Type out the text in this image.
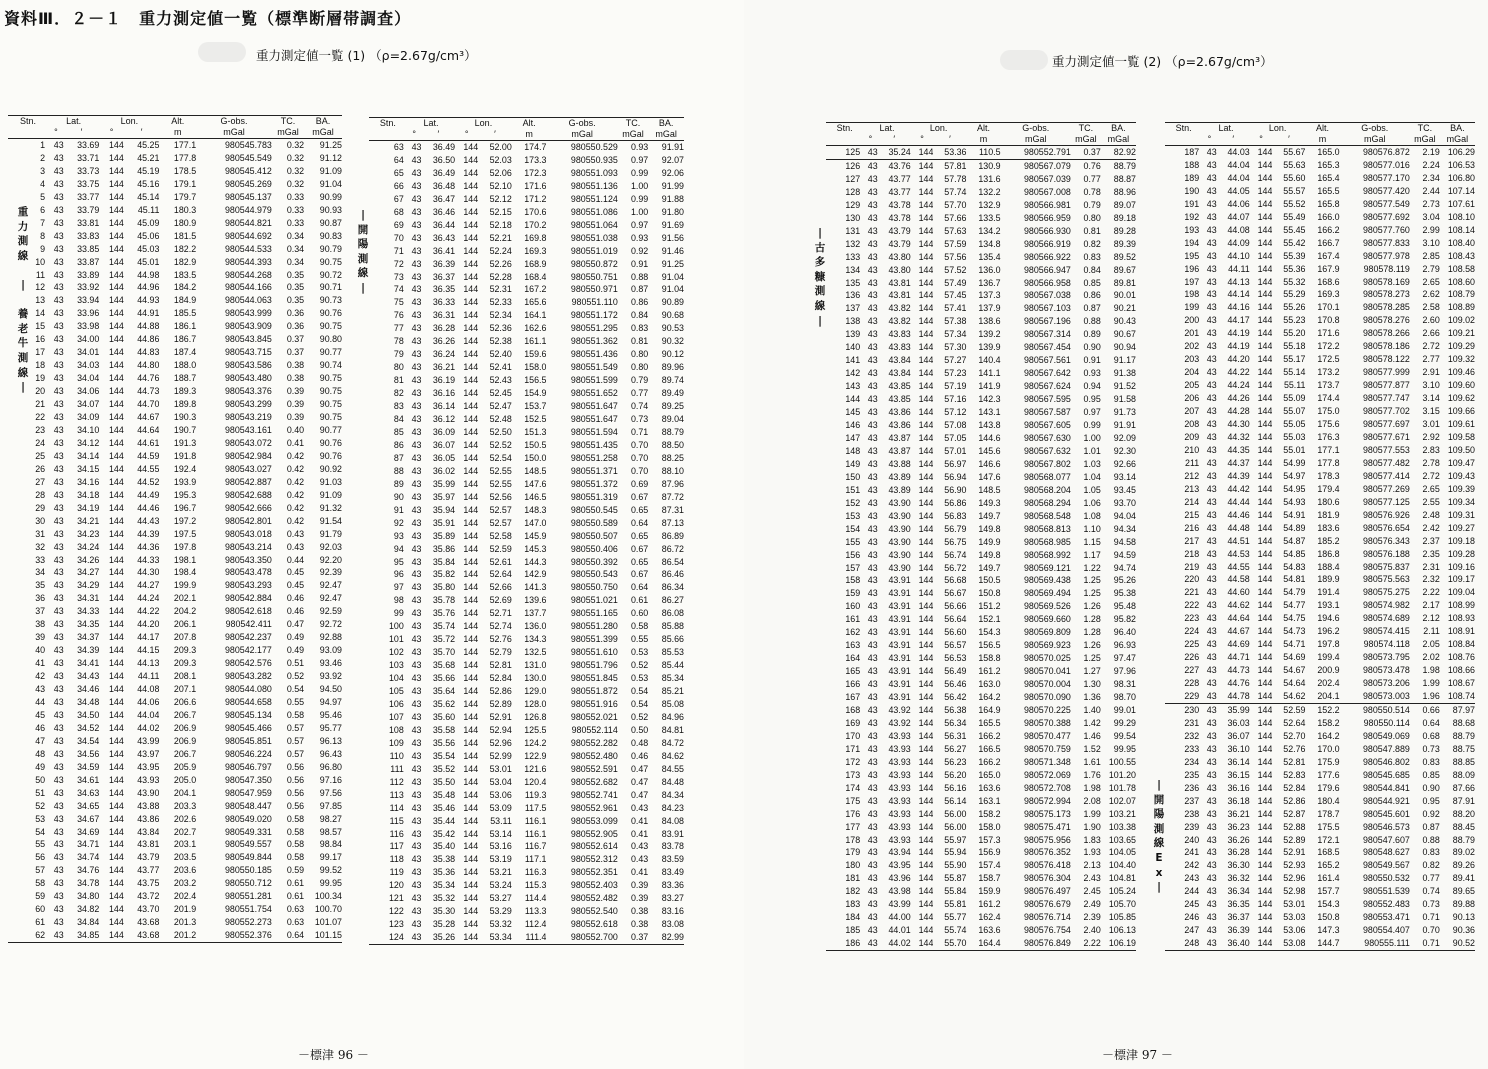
資料Ⅲ．２－１　重力測定値一覧（標準断層帯調査）
重力測定値一覧 (1) （ρ=2.67g/cm³）
重
力
測
線

|

養
老
牛
測
線
|
|
開
陽
測
線
|
Stn.	Lat.		Lon.		Alt.	G-obs.	TC.	BA.
	°	′	°	′	m	mGal	mGal	mGal
1	43	33.69	144	45.25	177.1	980545.783	0.32	91.25
2	43	33.71	144	45.21	177.8	980545.549	0.32	91.12
3	43	33.73	144	45.19	178.5	980545.412	0.32	91.09
4	43	33.75	144	45.16	179.1	980545.269	0.32	91.04
5	43	33.77	144	45.14	179.7	980545.137	0.33	90.99
6	43	33.79	144	45.11	180.3	980544.979	0.33	90.93
7	43	33.81	144	45.09	180.9	980544.821	0.33	90.87
8	43	33.83	144	45.06	181.5	980544.692	0.34	90.83
9	43	33.85	144	45.03	182.2	980544.533	0.34	90.79
10	43	33.87	144	45.01	182.9	980544.393	0.34	90.75
11	43	33.89	144	44.98	183.5	980544.268	0.35	90.72
12	43	33.92	144	44.96	184.2	980544.166	0.35	90.71
13	43	33.94	144	44.93	184.9	980544.063	0.35	90.73
14	43	33.96	144	44.91	185.5	980543.999	0.36	90.76
15	43	33.98	144	44.88	186.1	980543.909	0.36	90.75
16	43	34.00	144	44.86	186.7	980543.845	0.37	90.80
17	43	34.01	144	44.83	187.4	980543.715	0.37	90.77
18	43	34.03	144	44.80	188.0	980543.586	0.38	90.74
19	43	34.04	144	44.76	188.7	980543.480	0.38	90.75
20	43	34.06	144	44.73	189.3	980543.376	0.39	90.75
21	43	34.07	144	44.70	189.8	980543.299	0.39	90.75
22	43	34.09	144	44.67	190.3	980543.219	0.39	90.75
23	43	34.10	144	44.64	190.7	980543.161	0.40	90.77
24	43	34.12	144	44.61	191.3	980543.072	0.41	90.76
25	43	34.14	144	44.59	191.8	980542.984	0.42	90.76
26	43	34.15	144	44.55	192.4	980543.027	0.42	90.92
27	43	34.16	144	44.52	193.9	980542.887	0.42	91.03
28	43	34.18	144	44.49	195.3	980542.688	0.42	91.09
29	43	34.19	144	44.46	196.7	980542.666	0.42	91.32
30	43	34.21	144	44.43	197.2	980542.801	0.42	91.54
31	43	34.23	144	44.39	197.5	980543.018	0.43	91.79
32	43	34.24	144	44.36	197.8	980543.214	0.43	92.03
33	43	34.26	144	44.33	198.1	980543.350	0.44	92.20
34	43	34.27	144	44.30	198.4	980543.478	0.45	92.39
35	43	34.29	144	44.27	199.9	980543.293	0.45	92.47
36	43	34.31	144	44.24	202.1	980542.884	0.46	92.47
37	43	34.33	144	44.22	204.2	980542.618	0.46	92.59
38	43	34.35	144	44.20	206.1	980542.411	0.47	92.72
39	43	34.37	144	44.17	207.8	980542.237	0.49	92.88
40	43	34.39	144	44.15	209.3	980542.177	0.49	93.09
41	43	34.41	144	44.13	209.3	980542.576	0.51	93.46
42	43	34.43	144	44.11	208.1	980543.282	0.52	93.92
43	43	34.46	144	44.08	207.1	980544.080	0.54	94.50
44	43	34.48	144	44.06	206.6	980544.658	0.55	94.97
45	43	34.50	144	44.04	206.7	980545.134	0.58	95.46
46	43	34.52	144	44.02	206.9	980545.466	0.57	95.77
47	43	34.54	144	43.99	206.9	980545.851	0.57	96.13
48	43	34.56	144	43.97	206.7	980546.224	0.57	96.43
49	43	34.59	144	43.95	205.9	980546.797	0.56	96.80
50	43	34.61	144	43.93	205.0	980547.350	0.56	97.16
51	43	34.63	144	43.90	204.1	980547.959	0.56	97.56
52	43	34.65	144	43.88	203.3	980548.447	0.56	97.85
53	43	34.67	144	43.86	202.6	980549.020	0.58	98.27
54	43	34.69	144	43.84	202.7	980549.331	0.58	98.57
55	43	34.71	144	43.81	203.1	980549.557	0.58	98.84
56	43	34.74	144	43.79	203.5	980549.844	0.58	99.17
57	43	34.76	144	43.77	203.6	980550.185	0.59	99.52
58	43	34.78	144	43.75	203.2	980550.712	0.61	99.95
59	43	34.80	144	43.72	202.4	980551.281	0.61	100.34
60	43	34.82	144	43.70	201.9	980551.754	0.63	100.70
61	43	34.84	144	43.68	201.3	980552.273	0.63	101.07
62	43	34.85	144	43.68	201.2	980552.376	0.64	101.15
Stn.	Lat.		Lon.		Alt.	G-obs.	TC.	BA.
	°	′	°	′	m	mGal	mGal	mGal
63	43	36.49	144	52.00	174.7	980550.529	0.93	91.91
64	43	36.50	144	52.03	173.3	980550.935	0.97	92.07
65	43	36.49	144	52.06	172.3	980551.093	0.99	92.06
66	43	36.48	144	52.10	171.6	980551.136	1.00	91.99
67	43	36.47	144	52.12	171.2	980551.124	0.99	91.88
68	43	36.46	144	52.15	170.6	980551.086	1.00	91.80
69	43	36.44	144	52.18	170.2	980551.064	0.97	91.69
70	43	36.43	144	52.21	169.8	980551.038	0.93	91.56
71	43	36.41	144	52.24	169.3	980551.019	0.92	91.46
72	43	36.39	144	52.26	168.9	980550.872	0.91	91.25
73	43	36.37	144	52.28	168.4	980550.751	0.88	91.04
74	43	36.35	144	52.31	167.2	980550.971	0.87	91.04
75	43	36.33	144	52.33	165.6	980551.110	0.86	90.89
76	43	36.31	144	52.34	164.1	980551.172	0.84	90.68
77	43	36.28	144	52.36	162.6	980551.295	0.83	90.53
78	43	36.26	144	52.38	161.1	980551.362	0.81	90.32
79	43	36.24	144	52.40	159.6	980551.436	0.80	90.12
80	43	36.21	144	52.41	158.0	980551.549	0.80	89.96
81	43	36.19	144	52.43	156.5	980551.599	0.79	89.74
82	43	36.16	144	52.45	154.9	980551.652	0.77	89.49
83	43	36.14	144	52.47	153.7	980551.647	0.74	89.25
84	43	36.12	144	52.48	152.5	980551.647	0.73	89.04
85	43	36.09	144	52.50	151.3	980551.594	0.71	88.79
86	43	36.07	144	52.52	150.5	980551.435	0.70	88.50
87	43	36.05	144	52.54	150.0	980551.258	0.70	88.25
88	43	36.02	144	52.55	148.5	980551.371	0.70	88.10
89	43	35.99	144	52.55	147.6	980551.372	0.69	87.96
90	43	35.97	144	52.56	146.5	980551.319	0.67	87.72
91	43	35.94	144	52.57	148.3	980550.545	0.65	87.31
92	43	35.91	144	52.57	147.0	980550.589	0.64	87.13
93	43	35.89	144	52.58	145.9	980550.507	0.65	86.89
94	43	35.86	144	52.59	145.3	980550.406	0.67	86.72
95	43	35.84	144	52.61	144.3	980550.392	0.65	86.54
96	43	35.82	144	52.64	142.9	980550.543	0.67	86.46
97	43	35.80	144	52.66	141.3	980550.750	0.64	86.34
98	43	35.78	144	52.69	139.6	980551.021	0.61	86.27
99	43	35.76	144	52.71	137.7	980551.165	0.60	86.08
100	43	35.74	144	52.74	136.0	980551.280	0.58	85.88
101	43	35.72	144	52.76	134.3	980551.399	0.55	85.66
102	43	35.70	144	52.79	132.5	980551.610	0.53	85.53
103	43	35.68	144	52.81	131.0	980551.796	0.52	85.44
104	43	35.66	144	52.84	130.0	980551.845	0.53	85.34
105	43	35.64	144	52.86	129.0	980551.872	0.54	85.21
106	43	35.62	144	52.89	128.0	980551.916	0.54	85.08
107	43	35.60	144	52.91	126.8	980552.021	0.52	84.96
108	43	35.58	144	52.94	125.5	980552.114	0.50	84.81
109	43	35.56	144	52.96	124.2	980552.282	0.48	84.72
110	43	35.54	144	52.99	122.9	980552.480	0.46	84.62
111	43	35.52	144	53.01	121.6	980552.591	0.47	84.55
112	43	35.50	144	53.04	120.4	980552.682	0.47	84.48
113	43	35.48	144	53.06	119.3	980552.741	0.47	84.34
114	43	35.46	144	53.09	117.5	980552.961	0.43	84.23
115	43	35.44	144	53.11	116.1	980553.099	0.41	84.08
116	43	35.42	144	53.14	116.1	980552.905	0.41	83.91
117	43	35.40	144	53.16	116.7	980552.614	0.43	83.78
118	43	35.38	144	53.19	117.1	980552.312	0.43	83.59
119	43	35.36	144	53.21	116.3	980552.351	0.41	83.49
120	43	35.34	144	53.24	115.3	980552.403	0.39	83.36
121	43	35.32	144	53.27	114.4	980552.482	0.39	83.27
122	43	35.30	144	53.29	113.3	980552.540	0.38	83.16
123	43	35.28	144	53.32	112.4	980552.618	0.38	83.08
124	43	35.26	144	53.34	111.4	980552.700	0.37	82.99
－標津 96 －
重力測定値一覧 (2) （ρ=2.67g/cm³）
|
古
多
糠
測
線
|
|
開
陽
測
線
E
x
|
Stn.	Lat.		Lon.		Alt.	G-obs.	TC.	BA.
	°	′	°	′	m	mGal	mGal	mGal
125	43	35.24	144	53.36	110.5	980552.791	0.37	82.92
126	43	43.76	144	57.81	130.9	980567.079	0.76	88.79
127	43	43.77	144	57.78	131.6	980567.039	0.77	88.87
128	43	43.77	144	57.74	132.2	980567.008	0.78	88.96
129	43	43.78	144	57.70	132.9	980566.981	0.79	89.07
130	43	43.78	144	57.66	133.5	980566.959	0.80	89.18
131	43	43.79	144	57.63	134.2	980566.930	0.81	89.28
132	43	43.79	144	57.59	134.8	980566.919	0.82	89.39
133	43	43.80	144	57.56	135.4	980566.922	0.83	89.52
134	43	43.80	144	57.52	136.0	980566.947	0.84	89.67
135	43	43.81	144	57.49	136.7	980566.958	0.85	89.81
136	43	43.81	144	57.45	137.3	980567.038	0.86	90.01
137	43	43.82	144	57.41	137.9	980567.103	0.87	90.21
138	43	43.82	144	57.38	138.6	980567.196	0.88	90.43
139	43	43.83	144	57.34	139.2	980567.314	0.89	90.67
140	43	43.83	144	57.30	139.9	980567.454	0.90	90.94
141	43	43.84	144	57.27	140.4	980567.561	0.91	91.17
142	43	43.84	144	57.23	141.1	980567.642	0.93	91.38
143	43	43.85	144	57.19	141.9	980567.624	0.94	91.52
144	43	43.85	144	57.16	142.3	980567.595	0.95	91.58
145	43	43.86	144	57.12	143.1	980567.587	0.97	91.73
146	43	43.86	144	57.08	143.8	980567.605	0.99	91.91
147	43	43.87	144	57.05	144.6	980567.630	1.00	92.09
148	43	43.87	144	57.01	145.6	980567.632	1.01	92.30
149	43	43.88	144	56.97	146.6	980567.802	1.03	92.66
150	43	43.89	144	56.94	147.6	980568.077	1.04	93.14
151	43	43.89	144	56.90	148.5	980568.204	1.05	93.45
152	43	43.90	144	56.86	149.3	980568.294	1.06	93.70
153	43	43.90	144	56.83	149.7	980568.548	1.08	94.04
154	43	43.90	144	56.79	149.8	980568.813	1.10	94.34
155	43	43.90	144	56.75	149.9	980568.985	1.15	94.58
156	43	43.90	144	56.74	149.8	980568.992	1.17	94.59
157	43	43.90	144	56.72	149.7	980569.121	1.22	94.74
158	43	43.91	144	56.68	150.5	980569.438	1.25	95.26
159	43	43.91	144	56.67	150.8	980569.494	1.25	95.38
160	43	43.91	144	56.66	151.2	980569.526	1.26	95.48
161	43	43.91	144	56.64	152.1	980569.660	1.28	95.82
162	43	43.91	144	56.60	154.3	980569.809	1.28	96.40
163	43	43.91	144	56.57	156.5	980569.923	1.26	96.93
164	43	43.91	144	56.53	158.8	980570.025	1.25	97.47
165	43	43.91	144	56.49	161.2	980570.041	1.27	97.96
166	43	43.91	144	56.46	163.0	980570.004	1.30	98.31
167	43	43.91	144	56.42	164.2	980570.090	1.36	98.70
168	43	43.92	144	56.38	164.9	980570.225	1.40	99.01
169	43	43.92	144	56.34	165.5	980570.388	1.42	99.29
170	43	43.93	144	56.31	166.2	980570.477	1.46	99.54
171	43	43.93	144	56.27	166.5	980570.759	1.52	99.95
172	43	43.93	144	56.23	166.2	980571.348	1.61	100.55
173	43	43.93	144	56.20	165.0	980572.069	1.76	101.20
174	43	43.93	144	56.16	163.6	980572.708	1.98	101.78
175	43	43.93	144	56.14	163.1	980572.994	2.08	102.07
176	43	43.93	144	56.00	158.2	980575.173	1.99	103.21
177	43	43.93	144	56.00	158.0	980575.471	1.90	103.38
178	43	43.93	144	55.97	157.3	980575.956	1.83	103.65
179	43	43.94	144	55.94	156.9	980576.352	1.93	104.05
180	43	43.95	144	55.90	157.4	980576.418	2.13	104.40
181	43	43.96	144	55.87	158.7	980576.304	2.43	104.81
182	43	43.98	144	55.84	159.9	980576.497	2.45	105.24
183	43	43.99	144	55.81	161.2	980576.679	2.49	105.70
184	43	44.00	144	55.77	162.4	980576.714	2.39	105.85
185	43	44.01	144	55.74	163.6	980576.754	2.40	106.13
186	43	44.02	144	55.70	164.4	980576.849	2.22	106.19
Stn.	Lat.		Lon.		Alt.	G-obs.	TC.	BA.
	°	′	°	′	m	mGal	mGal	mGal
187	43	44.03	144	55.67	165.0	980576.872	2.19	106.29
188	43	44.04	144	55.63	165.3	980577.016	2.24	106.53
189	43	44.04	144	55.60	165.4	980577.170	2.34	106.80
190	43	44.05	144	55.57	165.5	980577.420	2.44	107.14
191	43	44.06	144	55.52	165.8	980577.549	2.73	107.61
192	43	44.07	144	55.49	166.0	980577.692	3.04	108.10
193	43	44.08	144	55.45	166.2	980577.760	2.99	108.14
194	43	44.09	144	55.42	166.7	980577.833	3.10	108.40
195	43	44.10	144	55.39	167.4	980577.978	2.85	108.43
196	43	44.11	144	55.36	167.9	980578.119	2.79	108.58
197	43	44.13	144	55.32	168.6	980578.169	2.65	108.60
198	43	44.14	144	55.29	169.3	980578.273	2.62	108.79
199	43	44.16	144	55.26	170.1	980578.285	2.58	108.89
200	43	44.17	144	55.23	170.8	980578.276	2.60	109.02
201	43	44.19	144	55.20	171.6	980578.266	2.66	109.21
202	43	44.19	144	55.18	172.2	980578.186	2.72	109.29
203	43	44.20	144	55.17	172.5	980578.122	2.77	109.32
204	43	44.22	144	55.14	173.2	980577.999	2.91	109.46
205	43	44.24	144	55.11	173.7	980577.877	3.10	109.60
206	43	44.26	144	55.09	174.4	980577.747	3.14	109.62
207	43	44.28	144	55.07	175.0	980577.702	3.15	109.66
208	43	44.30	144	55.05	175.6	980577.697	3.01	109.61
209	43	44.32	144	55.03	176.3	980577.671	2.92	109.58
210	43	44.35	144	55.01	177.1	980577.553	2.83	109.50
211	43	44.37	144	54.99	177.8	980577.482	2.78	109.47
212	43	44.39	144	54.97	178.3	980577.414	2.72	109.43
213	43	44.42	144	54.95	179.4	980577.269	2.65	109.39
214	43	44.44	144	54.93	180.6	980577.125	2.55	109.34
215	43	44.46	144	54.91	181.9	980576.926	2.48	109.31
216	43	44.48	144	54.89	183.6	980576.654	2.42	109.27
217	43	44.51	144	54.87	185.2	980576.343	2.37	109.18
218	43	44.53	144	54.85	186.8	980576.188	2.35	109.28
219	43	44.55	144	54.83	188.4	980575.837	2.31	109.16
220	43	44.58	144	54.81	189.9	980575.563	2.32	109.17
221	43	44.60	144	54.79	191.4	980575.275	2.22	109.04
222	43	44.62	144	54.77	193.1	980574.982	2.17	108.99
223	43	44.64	144	54.75	194.6	980574.689	2.12	108.93
224	43	44.67	144	54.73	196.2	980574.415	2.11	108.91
225	43	44.69	144	54.71	197.8	980574.118	2.05	108.84
226	43	44.71	144	54.69	199.4	980573.795	2.02	108.76
227	43	44.73	144	54.67	200.9	980573.478	1.98	108.66
228	43	44.76	144	54.64	202.4	980573.206	1.99	108.67
229	43	44.78	144	54.62	204.1	980573.003	1.96	108.74
230	43	35.99	144	52.59	152.2	980550.514	0.66	87.97
231	43	36.03	144	52.64	158.2	980550.114	0.64	88.68
232	43	36.07	144	52.70	164.2	980549.069	0.68	88.79
233	43	36.10	144	52.76	170.0	980547.889	0.73	88.75
234	43	36.14	144	52.81	175.9	980546.802	0.83	88.85
235	43	36.15	144	52.83	177.6	980545.685	0.85	88.09
236	43	36.16	144	52.84	179.6	980544.841	0.90	87.66
237	43	36.18	144	52.86	180.4	980544.921	0.95	87.91
238	43	36.21	144	52.87	178.7	980545.601	0.92	88.20
239	43	36.23	144	52.88	175.5	980546.573	0.87	88.45
240	43	36.26	144	52.89	172.1	980547.607	0.88	88.79
241	43	36.28	144	52.91	168.5	980548.627	0.83	89.02
242	43	36.30	144	52.93	165.2	980549.567	0.82	89.26
243	43	36.32	144	52.96	161.4	980550.532	0.77	89.41
244	43	36.34	144	52.98	157.7	980551.539	0.74	89.65
245	43	36.35	144	53.01	154.3	980552.483	0.73	89.88
246	43	36.37	144	53.03	150.8	980553.471	0.71	90.13
247	43	36.39	144	53.06	147.3	980554.407	0.70	90.36
248	43	36.40	144	53.08	144.7	980555.111	0.71	90.52
－標津 97 －
